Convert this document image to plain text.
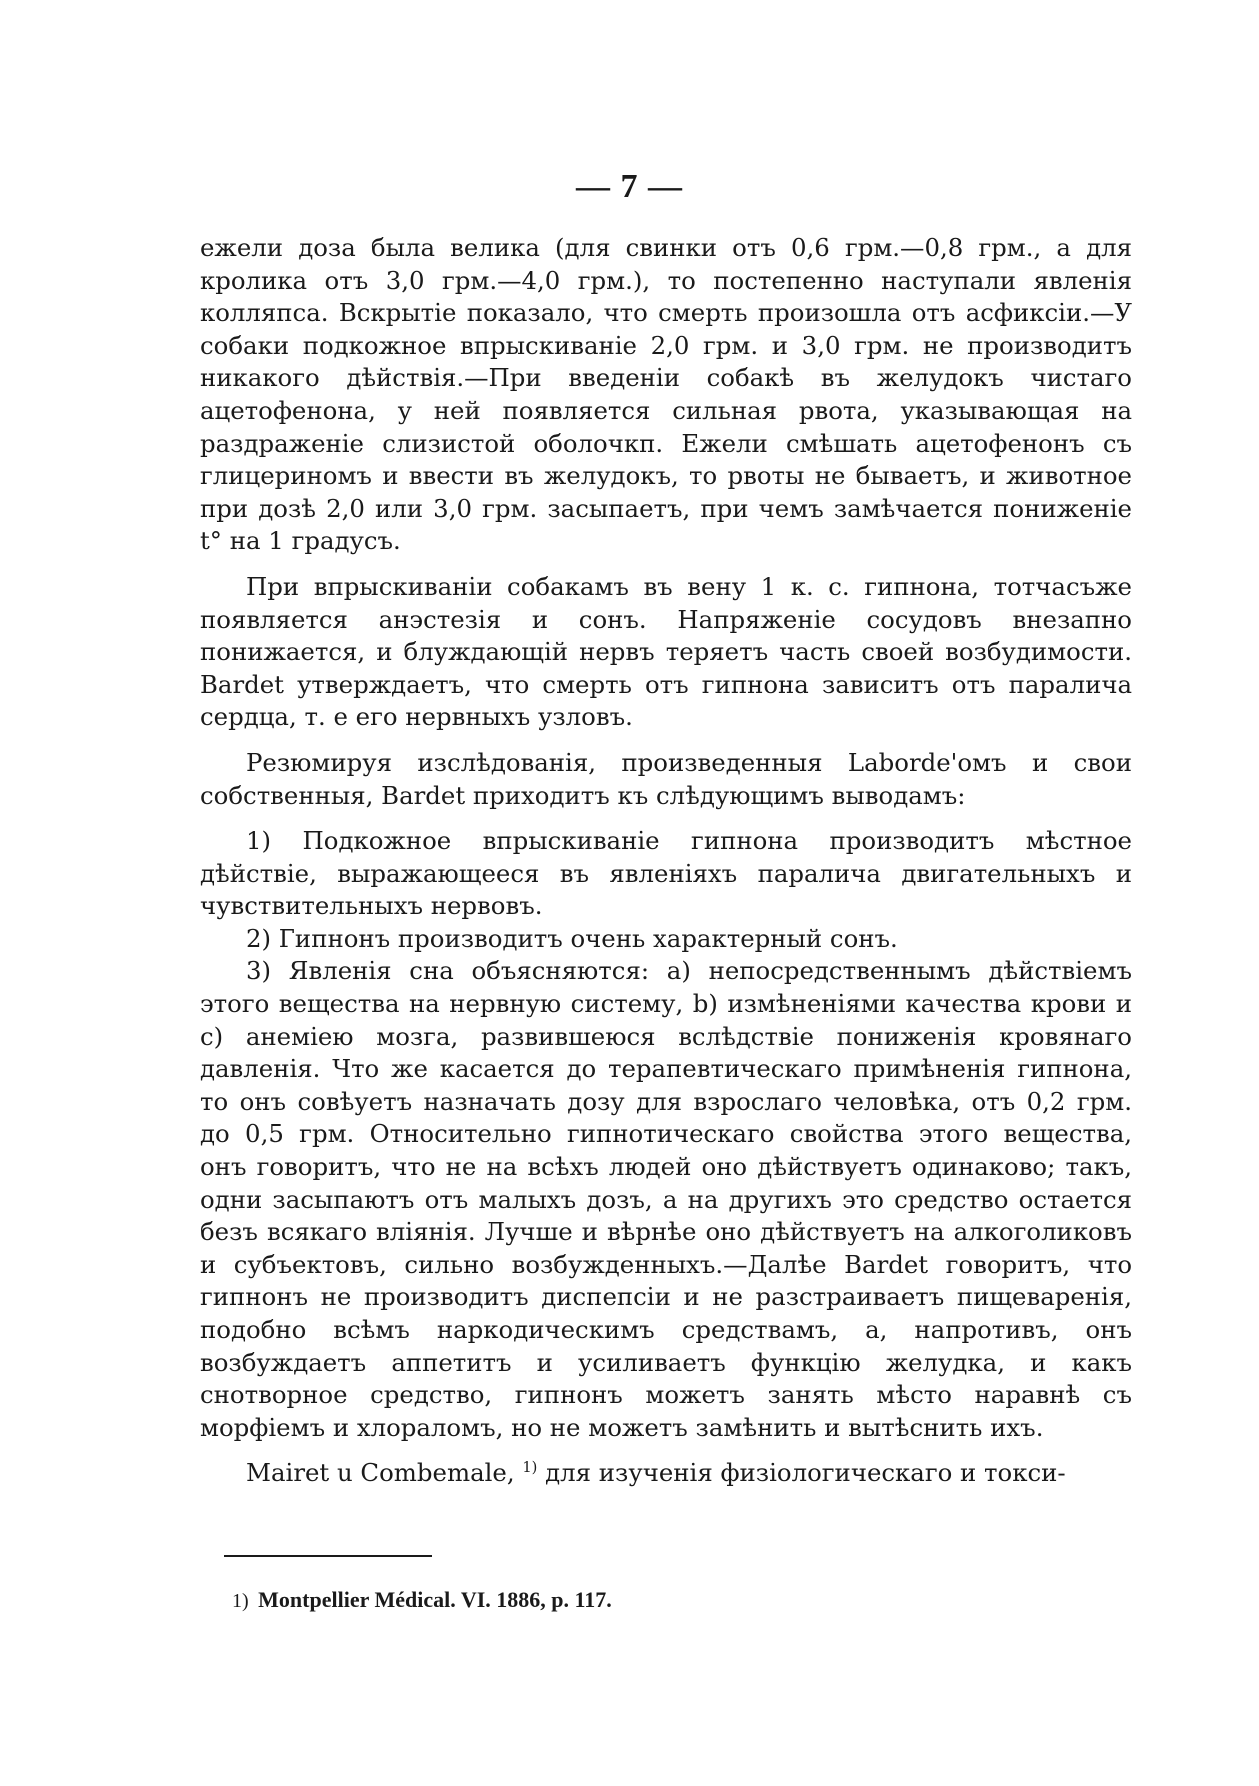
— 7 —

ежели доза была велика (для свинки отъ 0,6 грм.—0,8 грм., а для кролика отъ 3,0 грм.—4,0 грм.), то постепенно наступали явленія колляпса. Вскрытіе показало, что смерть произошла отъ асфиксіи.—У собаки подкожное впрыскиваніе 2,0 грм. и 3,0 грм. не производитъ никакого дѣйствія.—При введеніи собакѣ въ желудокъ чистаго ацетофенона, у ней появляется сильная рвота, указывающая на раздраженіе слизистой оболочкп. Ежели смѣшать ацетофенонъ съ глицериномъ и ввести въ желудокъ, то рвоты не бываетъ, и животное при дозѣ 2,0 или 3,0 грм. засыпаетъ, при чемъ замѣчается пониженіе t° на 1 градусъ.

При впрыскиваніи собакамъ въ вену 1 к. с. гипнона, тотчасъже появляется анэстезія и сонъ. Напряженіе сосудовъ внезапно понижается, и блуждающій нервъ теряетъ часть своей возбудимости. Bardet утверждаетъ, что смерть отъ гипнона зависитъ отъ паралича сердца, т. е его нервныхъ узловъ.

Резюмируя изслѣдованія, произведенныя Laborde'омъ и свои собственныя, Bardet приходитъ къ слѣдующимъ выводамъ:

1) Подкожное впрыскиваніе гипнона производитъ мѣстное дѣйствіе, выражающееся въ явленіяхъ паралича двигательныхъ и чувствительныхъ нервовъ.

2) Гипнонъ производитъ очень характерный сонъ.

3) Явленія сна объясняются: a) непосредственнымъ дѣйствіемъ этого вещества на нервную систему, b) измѣненіями качества крови и c) анеміею мозга, развившеюся вслѣдствіе пониженія кровянаго давленія. Что же касается до терапевтическаго примѣненія гипнона, то онъ совѣуетъ назначать дозу для взрослаго человѣка, отъ 0,2 грм. до 0,5 грм. Относительно гипнотическаго свойства этого вещества, онъ говоритъ, что не на всѣхъ людей оно дѣйствуетъ одинаково; такъ, одни засыпаютъ отъ малыхъ дозъ, а на другихъ это средство остается безъ всякаго вліянія. Лучше и вѣрнѣе оно дѣйствуетъ на алкоголиковъ и субъектовъ, сильно возбужденныхъ.—Далѣе Bardet говоритъ, что гипнонъ не производитъ диспепсіи и не разстраиваетъ пищеваренія, подобно всѣмъ наркодическимъ средствамъ, а, напротивъ, онъ возбуждаетъ аппетитъ и усиливаетъ функцію желудка, и какъ снотворное средство, гипнонъ можетъ занять мѣсто наравнѣ съ морфіемъ и хлораломъ, но не можетъ замѣнить и вытѣснить ихъ.

Mairet u Combemale, $^{1)}$ для изученія физіологическаго и токси-

1) Montpellier Médical. VI. 1886, p. 117.
